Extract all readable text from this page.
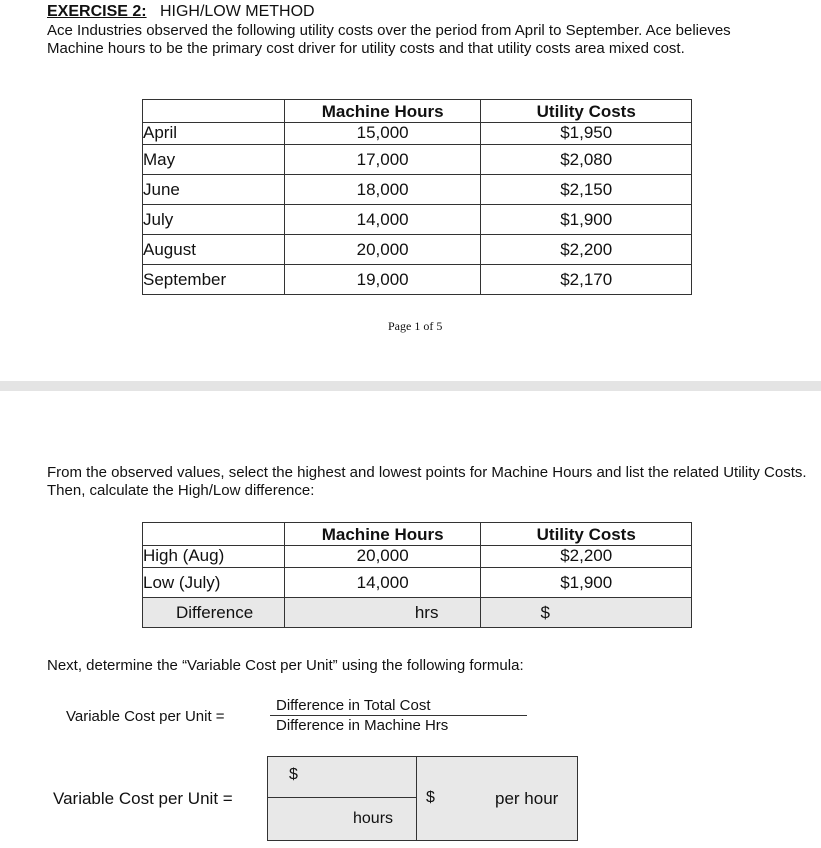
EXERCISE 2: HIGH/LOW METHOD
Ace Industries observed the following utility costs over the period from April to September. Ace believes Machine hours to be the primary cost driver for utility costs and that utility costs area mixed cost.
	Machine Hours	Utility Costs
April	15,000	$1,950
May	17,000	$2,080
June	18,000	$2,150
July	14,000	$1,900
August	20,000	$2,200
September	19,000	$2,170
Page 1 of 5
From the observed values, select the highest and lowest points for Machine Hours and list the related Utility Costs. Then, calculate the High/Low difference:
	Machine Hours	Utility Costs
High (Aug)	20,000	$2,200
Low (July)	14,000	$1,900
Difference	hrs	$
Next, determine the “Variable Cost per Unit” using the following formula:
Variable Cost per Unit =
Difference in Total Cost
Difference in Machine Hrs
Variable Cost per Unit =
$
hours
$	per hour
